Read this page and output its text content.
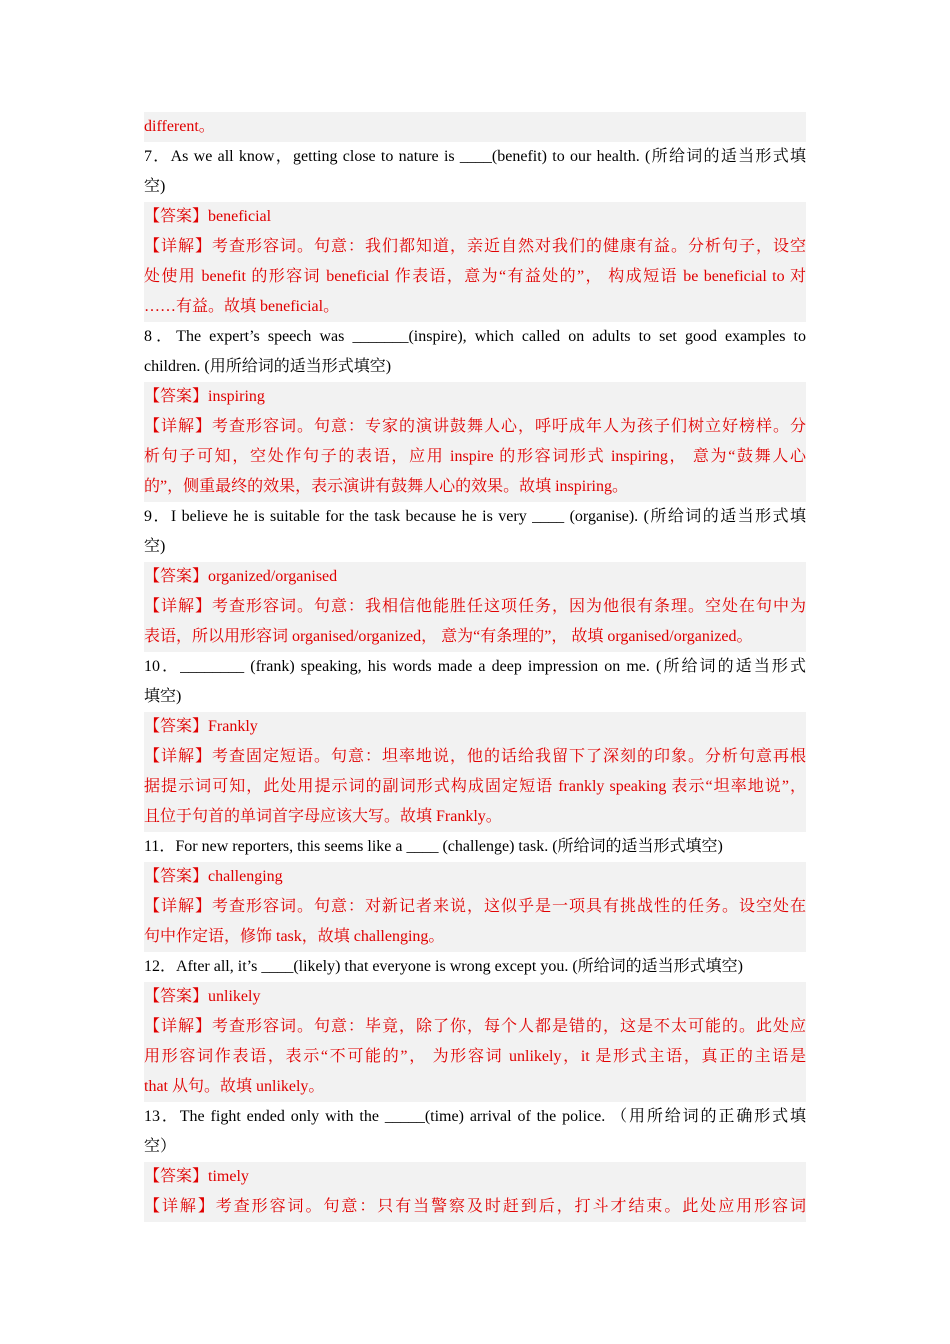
different。
7．As we all know，getting close to nature is ____(benefit) to our health. (所给词的适当形式填
空)
【答案】beneficial
【详解】考查形容词。句意：我们都知道，亲近自然对我们的健康有益。分析句子，设空
处使用 benefit 的形容词 beneficial 作表语，意为“有益处的”， 构成短语 be beneficial to 对
……有益。故填 beneficial。
8．The expert’s speech was _______(inspire), which called on adults to set good examples to
children. (用所给词的适当形式填空)
【答案】inspiring
【详解】考查形容词。句意：专家的演讲鼓舞人心，呼吁成年人为孩子们树立好榜样。分
析句子可知，空处作句子的表语，应用 inspire 的形容词形式 inspiring， 意为“鼓舞人心
的”，侧重最终的效果，表示演讲有鼓舞人心的效果。故填 inspiring。
9．I believe he is suitable for the task because he is very ____ (organise). (所给词的适当形式填
空)
【答案】organized/organised
【详解】考查形容词。句意：我相信他能胜任这项任务，因为他很有条理。空处在句中为
表语，所以用形容词 organised/organized， 意为“有条理的”， 故填 organised/organized。
10．________ (frank) speaking, his words made a deep impression on me. (所给词的适当形式
填空)
【答案】Frankly
【详解】考查固定短语。句意：坦率地说，他的话给我留下了深刻的印象。分析句意再根
据提示词可知，此处用提示词的副词形式构成固定短语 frankly speaking 表示“坦率地说”，
且位于句首的单词首字母应该大写。故填 Frankly。
11．For new reporters, this seems like a ____ (challenge) task. (所给词的适当形式填空)
【答案】challenging
【详解】考查形容词。句意：对新记者来说，这似乎是一项具有挑战性的任务。设空处在
句中作定语，修饰 task，故填 challenging。
12．After all, it’s ____(likely) that everyone is wrong except you. (所给词的适当形式填空)
【答案】unlikely
【详解】考查形容词。句意：毕竟，除了你，每个人都是错的，这是不太可能的。此处应
用形容词作表语，表示“不可能的”， 为形容词 unlikely，it 是形式主语，真正的主语是
that 从句。故填 unlikely。
13．The fight ended only with the _____(time) arrival of the police. （用所给词的正确形式填
空）
【答案】timely
【详解】考查形容词。句意：只有当警察及时赶到后，打斗才结束。此处应用形容词
